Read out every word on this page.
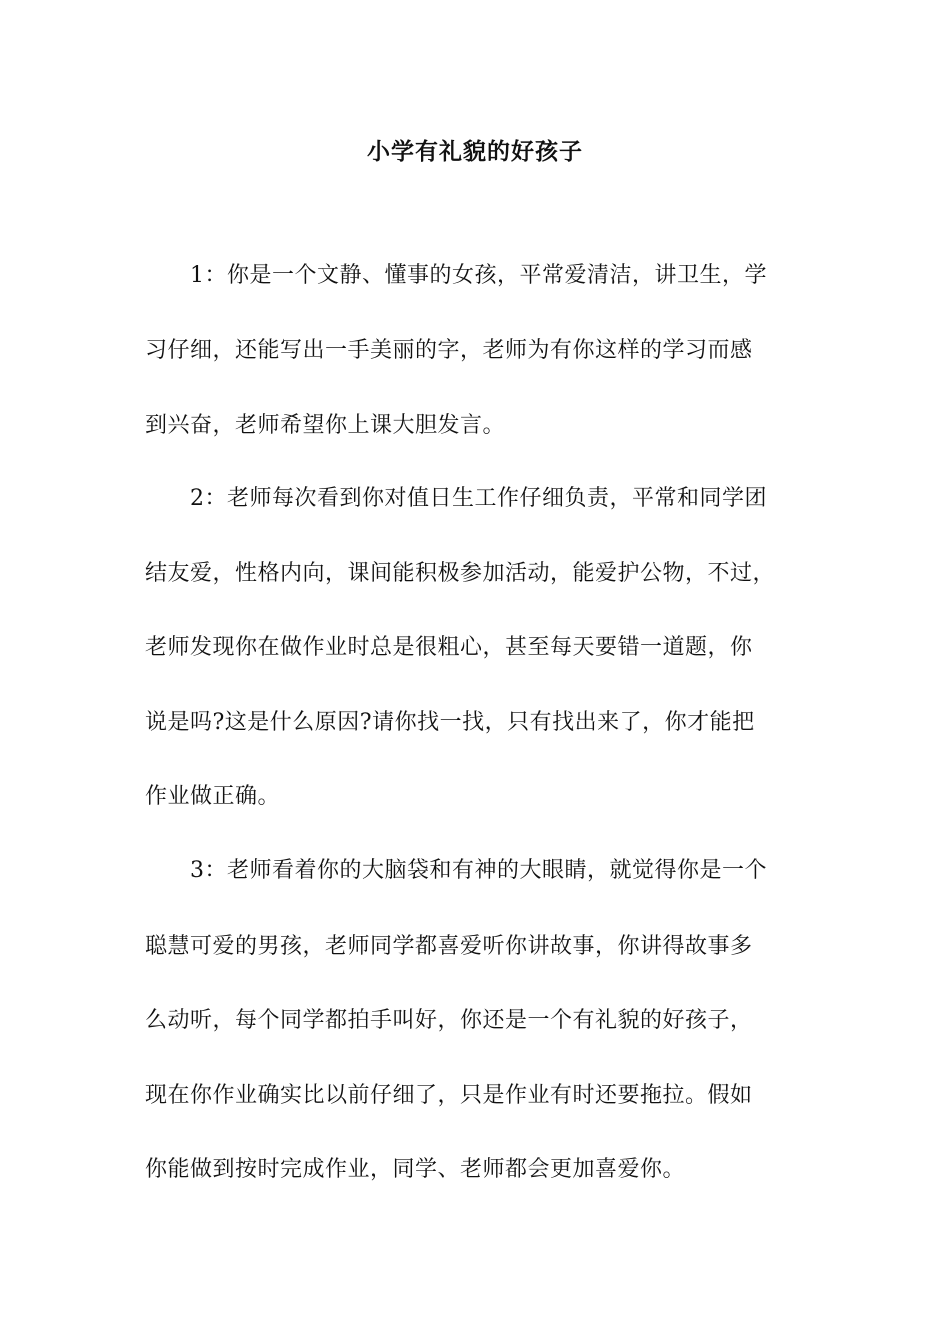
小学有礼貌的好孩子
1：你是一个文静、懂事的女孩，平常爱清洁，讲卫生，学
习仔细，还能写出一手美丽的字，老师为有你这样的学习而感
到兴奋，老师希望你上课大胆发言。
2：老师每次看到你对值日生工作仔细负责，平常和同学团
结友爱，性格内向，课间能积极参加活动，能爱护公物，不过，
老师发现你在做作业时总是很粗心，甚至每天要错一道题，你
说是吗?这是什么原因?请你找一找，只有找出来了，你才能把
作业做正确。
3：老师看着你的大脑袋和有神的大眼睛，就觉得你是一个
聪慧可爱的男孩，老师同学都喜爱听你讲故事，你讲得故事多
么动听，每个同学都拍手叫好，你还是一个有礼貌的好孩子，
现在你作业确实比以前仔细了，只是作业有时还要拖拉。假如
你能做到按时完成作业，同学、老师都会更加喜爱你。
